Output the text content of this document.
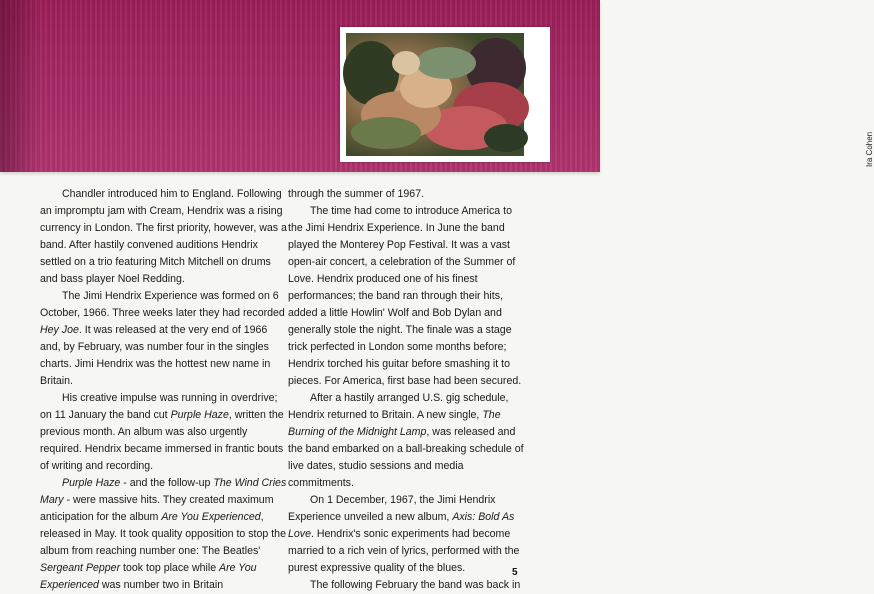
Ira Cohen

Chandler introduced him to England. Following an impromptu jam with Cream, Hendrix was a rising currency in London. The first priority, however, was a band. After hastily convened auditions Hendrix settled on a trio featuring Mitch Mitchell on drums and bass player Noel Redding.

The Jimi Hendrix Experience was formed on 6 October, 1966. Three weeks later they had recorded Hey Joe. It was released at the very end of 1966 and, by February, was number four in the singles charts. Jimi Hendrix was the hottest new name in Britain.

His creative impulse was running in overdrive; on 11 January the band cut Purple Haze, written the previous month. An album was also urgently required. Hendrix became immersed in frantic bouts of writing and recording.

Purple Haze - and the follow-up The Wind Cries Mary - were massive hits. They created maximum anticipation for the album Are You Experienced, released in May. It took quality opposition to stop the album from reaching number one: The Beatles' Sergeant Pepper took top place while Are You Experienced was number two in Britain

through the summer of 1967.

The time had come to introduce America to the Jimi Hendrix Experience. In June the band played the Monterey Pop Festival. It was a vast open-air concert, a celebration of the Summer of Love. Hendrix produced one of his finest performances; the band ran through their hits, added a little Howlin' Wolf and Bob Dylan and generally stole the night. The finale was a stage trick perfected in London some months before; Hendrix torched his guitar before smashing it to pieces. For America, first base had been secured.

After a hastily arranged U.S. gig schedule, Hendrix returned to Britain. A new single, The Burning of the Midnight Lamp, was released and the band embarked on a ball-breaking schedule of live dates, studio sessions and media commitments.

On 1 December, 1967, the Jimi Hendrix Experience unveiled a new album, Axis: Bold As Love. Hendrix's sonic experiments had become married to a rich vein of lyrics, performed with the purest expressive quality of the blues.

The following February the band was back in

5
